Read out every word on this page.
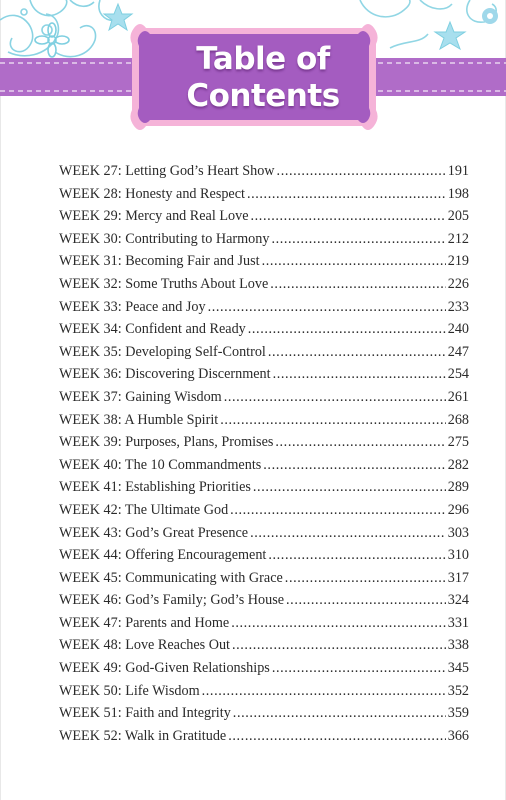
Table of
Contents
WEEK 27: Letting God’s Heart Show .....	191
WEEK 28: Honesty and Respect .....	198
WEEK 29: Mercy and Real Love .....	205
WEEK 30: Contributing to Harmony .....	212
WEEK 31: Becoming Fair and Just .....	219
WEEK 32: Some Truths About Love .....	226
WEEK 33: Peace and Joy .....	233
WEEK 34: Confident and Ready .....	240
WEEK 35: Developing Self-Control .....	247
WEEK 36: Discovering Discernment .....	254
WEEK 37: Gaining Wisdom .....	261
WEEK 38: A Humble Spirit .....	268
WEEK 39: Purposes, Plans, Promises .....	275
WEEK 40: The 10 Commandments .....	282
WEEK 41: Establishing Priorities .....	289
WEEK 42: The Ultimate God .....	296
WEEK 43: God’s Great Presence .....	303
WEEK 44: Offering Encouragement .....	310
WEEK 45: Communicating with Grace .....	317
WEEK 46: God’s Family; God’s House .....	324
WEEK 47: Parents and Home .....	331
WEEK 48: Love Reaches Out .....	338
WEEK 49: God-Given Relationships .....	345
WEEK 50: Life Wisdom .....	352
WEEK 51: Faith and Integrity .....	359
WEEK 52: Walk in Gratitude .....	366
